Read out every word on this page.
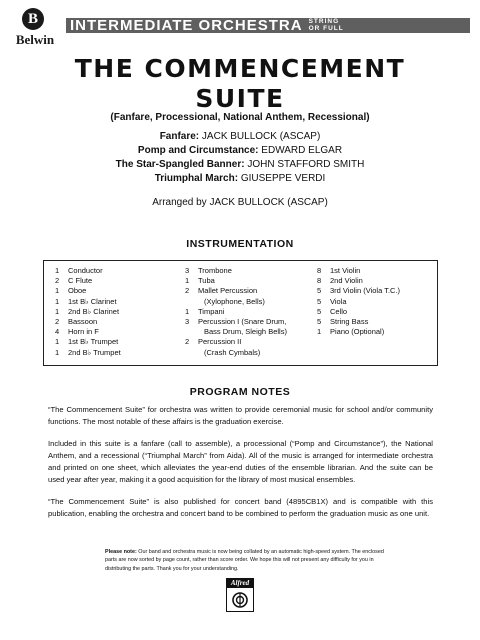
B
Belwin
INTERMEDIATE ORCHESTRA STRING
OR FULL
THE COMMENCEMENT
SUITE
(Fanfare, Processional, National Anthem, Recessional)
Fanfare: JACK BULLOCK (ASCAP)
Pomp and Circumstance: EDWARD ELGAR
The Star-Spangled Banner: JOHN STAFFORD SMITH
Triumphal March: GIUSEPPE VERDI
Arranged by JACK BULLOCK (ASCAP)
INSTRUMENTATION
1	Conductor
2	C Flute
1	Oboe
1	1st B♭ Clarinet
1	2nd B♭ Clarinet
2	Bassoon
4	Horn in F
1	1st B♭ Trumpet
1	2nd B♭ Trumpet
3	Trombone
1	Tuba
2	Mallet Percussion
(Xylophone, Bells)
1	Timpani
3	Percussion I (Snare Drum,
Bass Drum, Sleigh Bells)
2	Percussion II
(Crash Cymbals)
8	1st Violin
8	2nd Violin
5	3rd Violin (Viola T.C.)
5	Viola
5	Cello
5	String Bass
1	Piano (Optional)
PROGRAM NOTES

“The Commencement Suite” for orchestra was written to provide ceremonial music for school and/or community functions. The most notable of these affairs is the graduation exercise.

Included in this suite is a fanfare (call to assemble), a processional (“Pomp and Circumstance”), the National Anthem, and a recessional (“Triumphal March” from Aida). All of the music is arranged for intermediate orchestra and printed on one sheet, which alleviates the year-end duties of the ensemble librarian. And the suite can be used year after year, making it a good acquisition for the library of most musical ensembles.

“The Commencement Suite” is also published for concert band (4895CB1X) and is compatible with this publication, enabling the orchestra and concert band to be combined to perform the graduation music as one unit.

Please note: Our band and orchestra music is now being collated by an automatic high-speed system. The enclosed parts are now sorted by page count, rather than score order. We hope this will not present any difficulty for you in distributing the parts. Thank you for your understanding.
Alfred
